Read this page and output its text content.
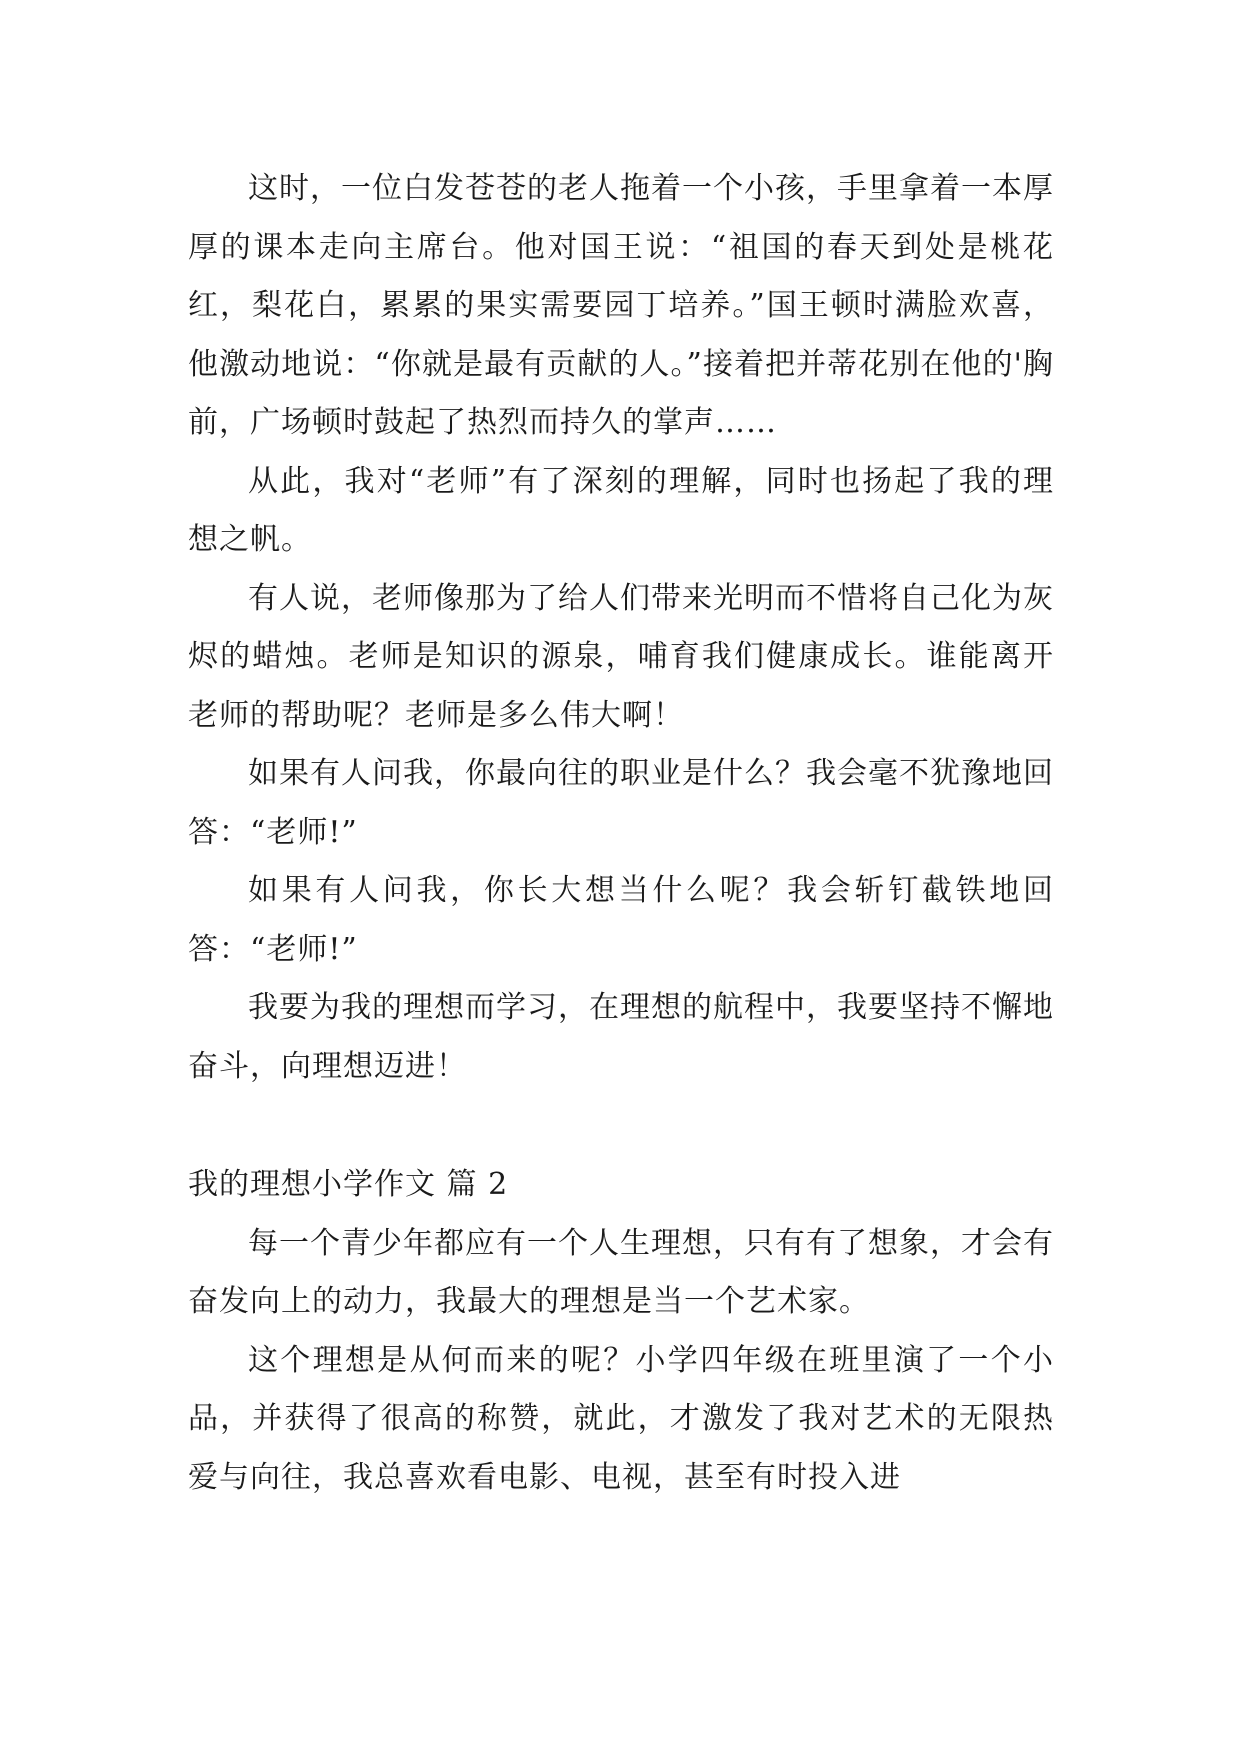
这时，一位白发苍苍的老人拖着一个小孩，手里拿着一本厚厚的课本走向主席台。他对国王说：“祖国的春天到处是桃花红，梨花白，累累的果实需要园丁培养。”国王顿时满脸欢喜，他激动地说：“你就是最有贡献的人。”接着把并蒂花别在他的'胸前，广场顿时鼓起了热烈而持久的掌声……

从此，我对“老师”有了深刻的理解，同时也扬起了我的理想之帆。

有人说，老师像那为了给人们带来光明而不惜将自己化为灰烬的蜡烛。老师是知识的源泉，哺育我们健康成长。谁能离开老师的帮助呢？老师是多么伟大啊！

如果有人问我，你最向往的职业是什么？我会毫不犹豫地回答：“老师!”

如果有人问我，你长大想当什么呢？我会斩钉截铁地回答：“老师!”

我要为我的理想而学习，在理想的航程中，我要坚持不懈地奋斗，向理想迈进！

我的理想小学作文 篇 2

每一个青少年都应有一个人生理想，只有有了想象，才会有奋发向上的动力，我最大的理想是当一个艺术家。

这个理想是从何而来的呢？小学四年级在班里演了一个小品，并获得了很高的称赞，就此，才激发了我对艺术的无限热爱与向往，我总喜欢看电影、电视，甚至有时投入进
